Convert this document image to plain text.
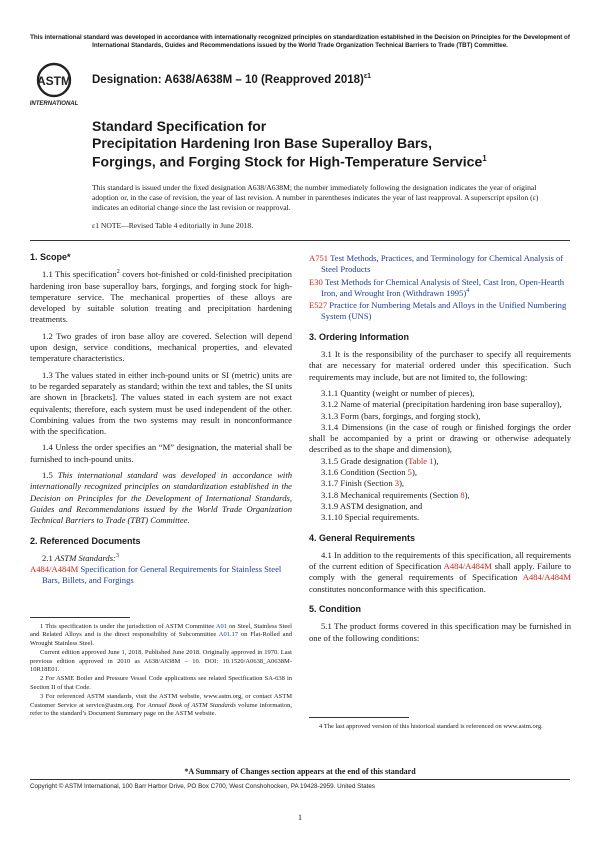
This international standard was developed in accordance with internationally recognized principles on standardization established in the Decision on Principles for the Development of International Standards, Guides and Recommendations issued by the World Trade Organization Technical Barriers to Trade (TBT) Committee.
ASTM
INTERNATIONAL
Designation: A638/A638M – 10 (Reapproved 2018)$^{\varepsilon 1}$
Standard Specification for
Precipitation Hardening Iron Base Superalloy Bars,
Forgings, and Forging Stock for High-Temperature Service$^1$
This standard is issued under the fixed designation A638/A638M; the number immediately following the designation indicates the year of original adoption or, in the case of revision, the year of last revision. A number in parentheses indicates the year of last reapproval. A superscript epsilon (ε) indicates an editorial change since the last revision or reapproval.
ε1 NOTE—Revised Table 4 editorially in June 2018.
1. Scope*

1.1 This specification$^2$ covers hot-finished or cold-finished precipitation hardening iron base superalloy bars, forgings, and forging stock for high-temperature service. The mechanical properties of these alloys are developed by suitable solution treating and precipitation hardening treatments.

1.2 Two grades of iron base alloy are covered. Selection will depend upon design, service conditions, mechanical properties, and elevated temperature characteristics.

1.3 The values stated in either inch-pound units or SI (metric) units are to be regarded separately as standard; within the text and tables, the SI units are shown in [brackets]. The values stated in each system are not exact equivalents; therefore, each system must be used independent of the other. Combining values from the two systems may result in nonconformance with the specification.

1.4 Unless the order specifies an “M” designation, the material shall be furnished to inch-pound units.

1.5 This international standard was developed in accordance with internationally recognized principles on standardization established in the Decision on Principles for the Development of International Standards, Guides and Recommendations issued by the World Trade Organization Technical Barriers to Trade (TBT) Committee.

2. Referenced Documents

2.1 ASTM Standards:$^3$

A484/A484M Specification for General Requirements for Stainless Steel Bars, Billets, and Forgings

1 This specification is under the jurisdiction of ASTM Committee A01 on Steel, Stainless Steel and Related Alloys and is the direct responsibility of Subcommittee A01.17 on Flat-Rolled and Wrought Stainless Steel.

Current edition approved June 1, 2018. Published June 2018. Originally approved in 1970. Last previous edition approved in 2010 as A638/A638M – 10. DOI: 10.1520/A0638_A0638M-10R18E01.

2 For ASME Boiler and Pressure Vessel Code applications see related Specification SA-638 in Section II of that Code.

3 For referenced ASTM standards, visit the ASTM website, www.astm.org, or contact ASTM Customer Service at service@astm.org. For Annual Book of ASTM Standards volume information, refer to the standard’s Document Summary page on the ASTM website.

A751 Test Methods, Practices, and Terminology for Chemical Analysis of Steel Products
E30 Test Methods for Chemical Analysis of Steel, Cast Iron, Open-Hearth Iron, and Wrought Iron (Withdrawn 1995)$^4$
E527 Practice for Numbering Metals and Alloys in the Unified Numbering System (UNS)
3. Ordering Information

3.1 It is the responsibility of the purchaser to specify all requirements that are necessary for material ordered under this specification. Such requirements may include, but are not limited to, the following:

3.1.1 Quantity (weight or number of pieces),

3.1.2 Name of material (precipitation hardening iron base superalloy),

3.1.3 Form (bars, forgings, and forging stock),

3.1.4 Dimensions (in the case of rough or finished forgings the order shall be accompanied by a print or drawing or otherwise adequately described as to the shape and dimension),

3.1.5 Grade designation (Table 1),

3.1.6 Condition (Section 5),

3.1.7 Finish (Section 3),

3.1.8 Mechanical requirements (Section 8),

3.1.9 ASTM designation, and

3.1.10 Special requirements.

4. General Requirements

4.1 In addition to the requirements of this specification, all requirements of the current edition of Specification A484/A484M shall apply. Failure to comply with the general requirements of Specification A484/A484M constitutes nonconformance with this specification.

5. Condition

5.1 The product forms covered in this specification may be furnished in one of the following conditions:

4 The last approved version of this historical standard is referenced on www.astm.org.

*A Summary of Changes section appears at the end of this standard
Copyright © ASTM International, 100 Barr Harbor Drive, PO Box C700, West Conshohocken, PA 19428-2959. United States
1
